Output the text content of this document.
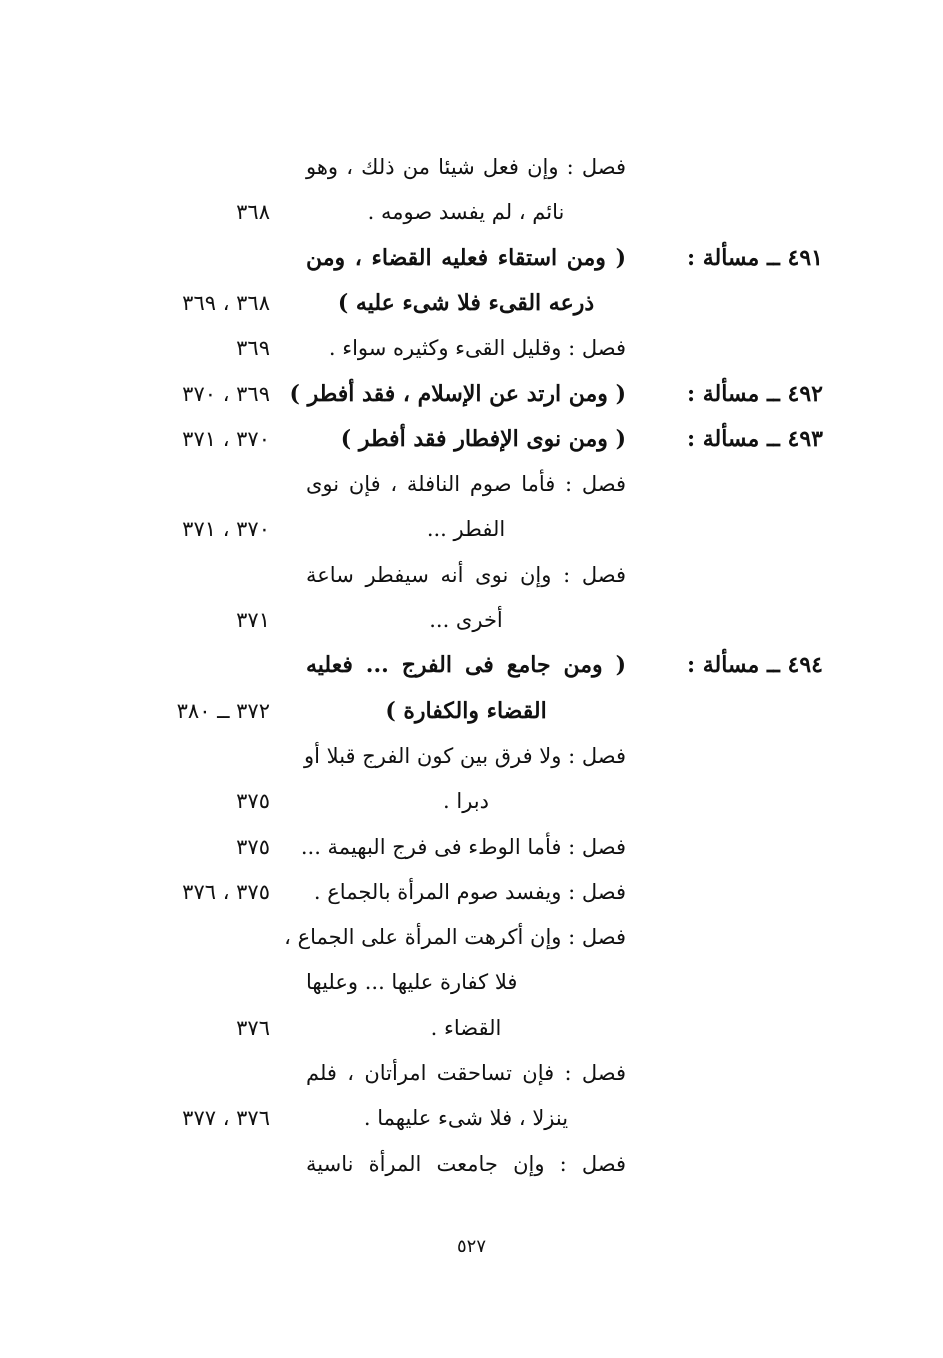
فصل : وإن فعل شيئا من ذلك ، وهو
نائم ، لم يفسد صومه .
٣٦٨
٤٩١ ــ مسألة :
( ومن استقاء فعليه القضاء ، ومن
ذرعه القىء فلا شىء عليه )
٣٦٨ ، ٣٦٩
فصل : وقليل القىء وكثيره سواء .
٣٦٩
٤٩٢ ــ مسألة :
( ومن ارتد عن الإسلام ، فقد أفطر )
٣٦٩ ، ٣٧٠
٤٩٣ ــ مسألة :
( ومن نوى الإفطار فقد أفطر )
٣٧٠ ، ٣٧١
فصل : فأما صوم النافلة ، فإن نوى
الفطر ...
٣٧٠ ، ٣٧١
فصل : وإن نوى أنه سيفطر ساعة
أخرى ...
٣٧١
٤٩٤ ــ مسألة :
( ومن جامع فى الفرج ... فعليه
القضاء والكفارة )
٣٧٢ ــ ٣٨٠
فصل : ولا فرق بين كون الفرج قبلا أو
دبرا .
٣٧٥
فصل : فأما الوطء فى فرج البهيمة ...
٣٧٥
فصل : ويفسد صوم المرأة بالجماع .
٣٧٥ ، ٣٧٦
فصل : وإن أكرهت المرأة على الجماع ،
فلا كفارة عليها ... وعليها
القضاء .
٣٧٦
فصل : فإن تساحقت امرأتان ، فلم
ينزلا ، فلا شىء عليهما .
٣٧٦ ، ٣٧٧
فصل : وإن جامعت المرأة ناسية
٥٢٧
